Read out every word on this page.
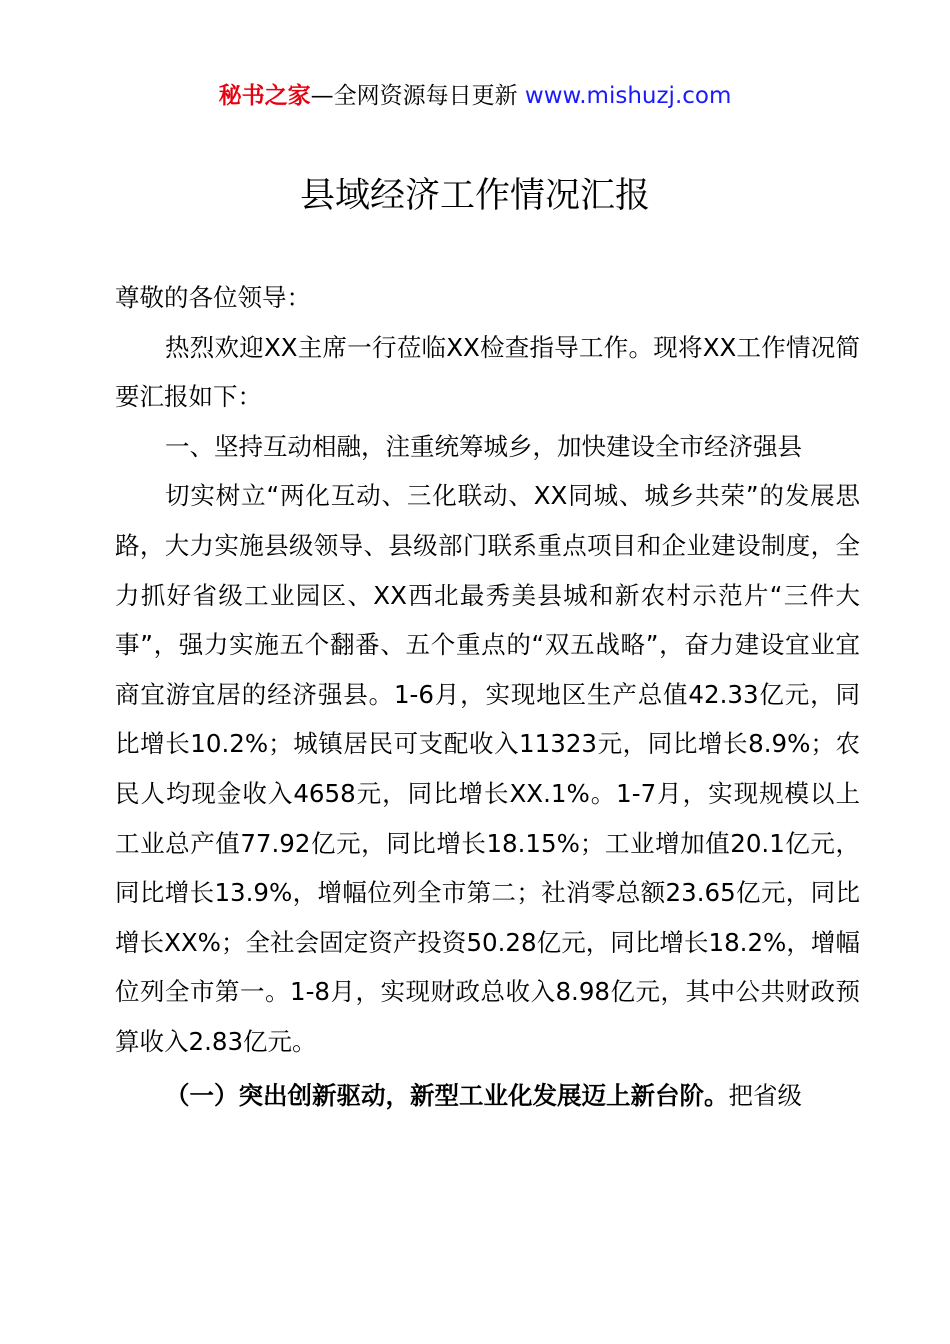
秘书之家—全网资源每日更新 www.mishuzj.com
县域经济工作情况汇报

尊敬的各位领导：

热烈欢迎XX主席一行莅临XX检查指导工作。现将XX工作情况简要汇报如下：

一、坚持互动相融，注重统筹城乡，加快建设全市经济强县

切实树立“两化互动、三化联动、XX同城、城乡共荣”的发展思路，大力实施县级领导、县级部门联系重点项目和企业建设制度，全力抓好省级工业园区、XX西北最秀美县城和新农村示范片“三件大事”，强力实施五个翻番、五个重点的“双五战略”，奋力建设宜业宜商宜游宜居的经济强县。1-6月，实现地区生产总值42.33亿元，同比增长10.2%；城镇居民可支配收入11323元，同比增长8.9%；农民人均现金收入4658元，同比增长XX.1%。1-7月，实现规模以上工业总产值77.92亿元，同比增长18.15%；工业增加值20.1亿元，同比增长13.9%，增幅位列全市第二；社消零总额23.65亿元，同比增长XX%；全社会固定资产投资50.28亿元，同比增长18.2%，增幅位列全市第一。1-8月，实现财政总收入8.98亿元，其中公共财政预算收入2.83亿元。

（一）突出创新驱动，新型工业化发展迈上新台阶。把省级
